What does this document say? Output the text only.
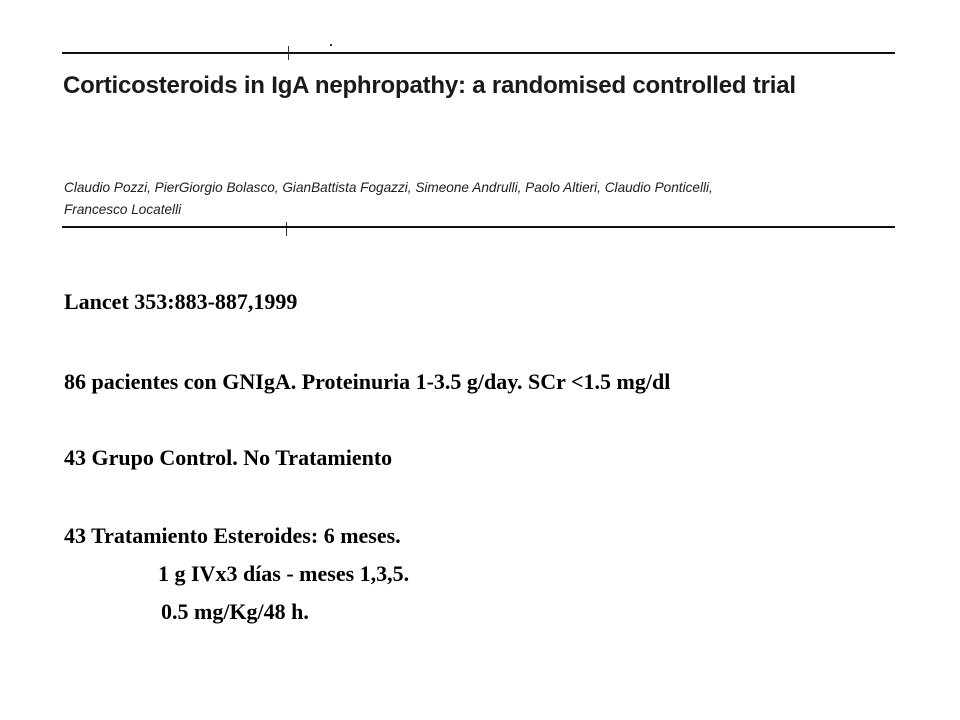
Corticosteroids in IgA nephropathy: a randomised controlled trial

Claudio Pozzi, PierGiorgio Bolasco, GianBattista Fogazzi, Simeone Andrulli, Paolo Altieri, Claudio Ponticelli,
Francesco Locatelli

Lancet 353:883-887,1999

86 pacientes con GNIgA. Proteinuria 1-3.5 g/day. SCr <1.5 mg/dl

43 Grupo Control. No Tratamiento

43 Tratamiento Esteroides: 6 meses.

1 g IVx3 días - meses 1,3,5.

0.5 mg/Kg/48 h.
